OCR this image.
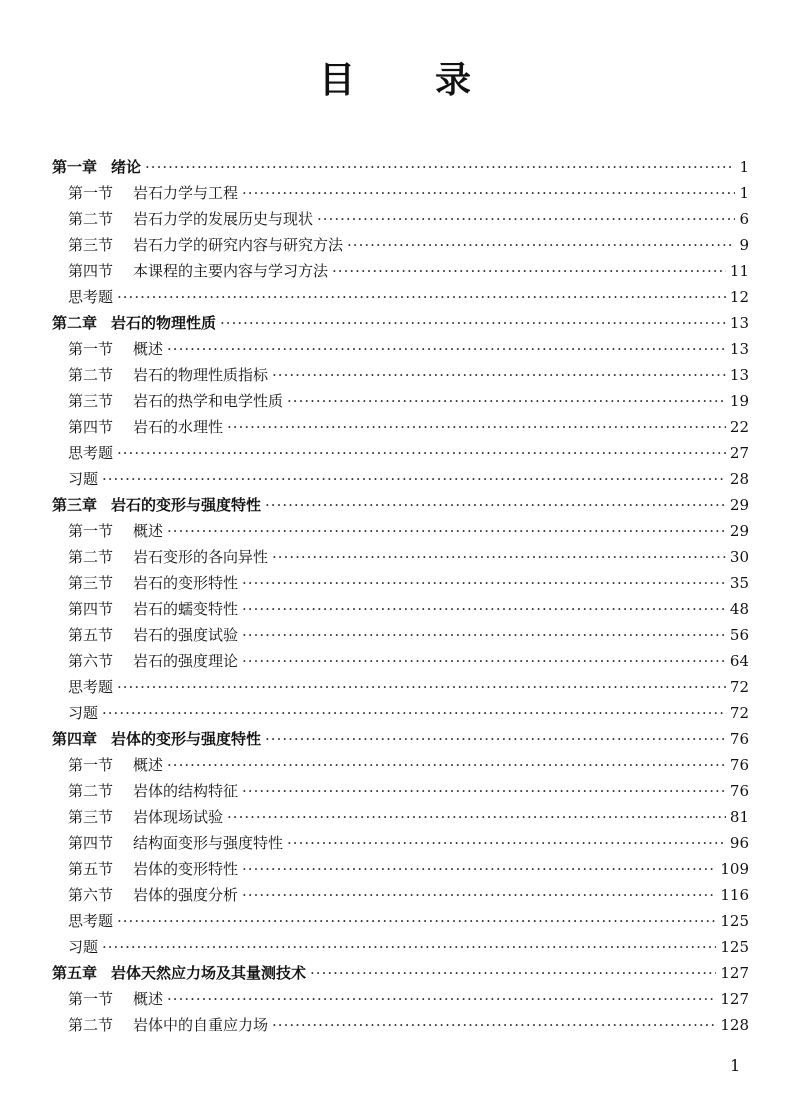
目 录
第一章 绪论 ·····	1
第一节 岩石力学与工程 ·····	1
第二节 岩石力学的发展历史与现状 ·····	6
第三节 岩石力学的研究内容与研究方法 ·····	9
第四节 本课程的主要内容与学习方法 ·····	11
思考题 ·····	12
第二章 岩石的物理性质 ·····	13
第一节 概述 ·····	13
第二节 岩石的物理性质指标 ·····	13
第三节 岩石的热学和电学性质 ·····	19
第四节 岩石的水理性 ·····	22
思考题 ·····	27
习题 ·····	28
第三章 岩石的变形与强度特性 ·····	29
第一节 概述 ·····	29
第二节 岩石变形的各向异性 ·····	30
第三节 岩石的变形特性 ·····	35
第四节 岩石的蠕变特性 ·····	48
第五节 岩石的强度试验 ·····	56
第六节 岩石的强度理论 ·····	64
思考题 ·····	72
习题 ·····	72
第四章 岩体的变形与强度特性 ·····	76
第一节 概述 ·····	76
第二节 岩体的结构特征 ·····	76
第三节 岩体现场试验 ·····	81
第四节 结构面变形与强度特性 ·····	96
第五节 岩体的变形特性 ·····	109
第六节 岩体的强度分析 ·····	116
思考题 ·····	125
习题 ·····	125
第五章 岩体天然应力场及其量测技术 ·····	127
第一节 概述 ·····	127
第二节 岩体中的自重应力场 ·····	128
1
